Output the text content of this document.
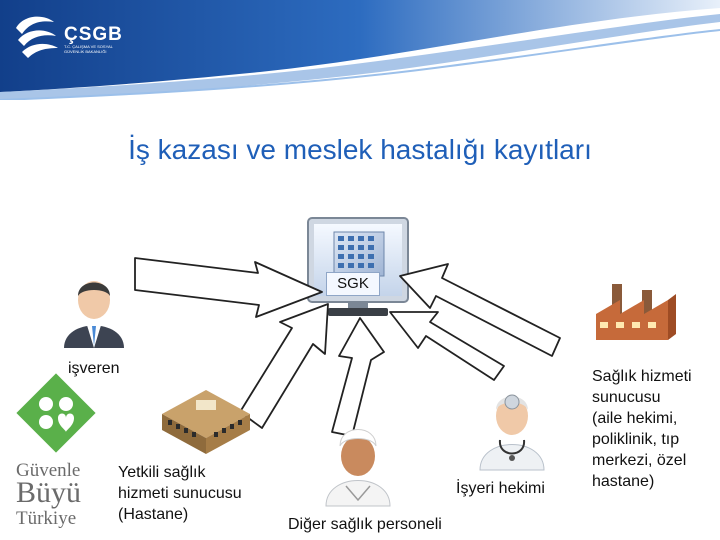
ÇSGB
T.C. ÇALIŞMA VE SOSYAL GÜVENLİK BAKANLIĞI
İş kazası ve meslek hastalığı kayıtları
SGK

işveren

Yetkili sağlık
hizmeti sunucusu
(Hastane)

Diğer sağlık personeli

İşyeri hekimi

Sağlık hizmeti
sunucusu
(aile hekimi,
poliklinik, tıp
merkezi, özel
hastane)
Güvenle
Büyü
Türkiye
